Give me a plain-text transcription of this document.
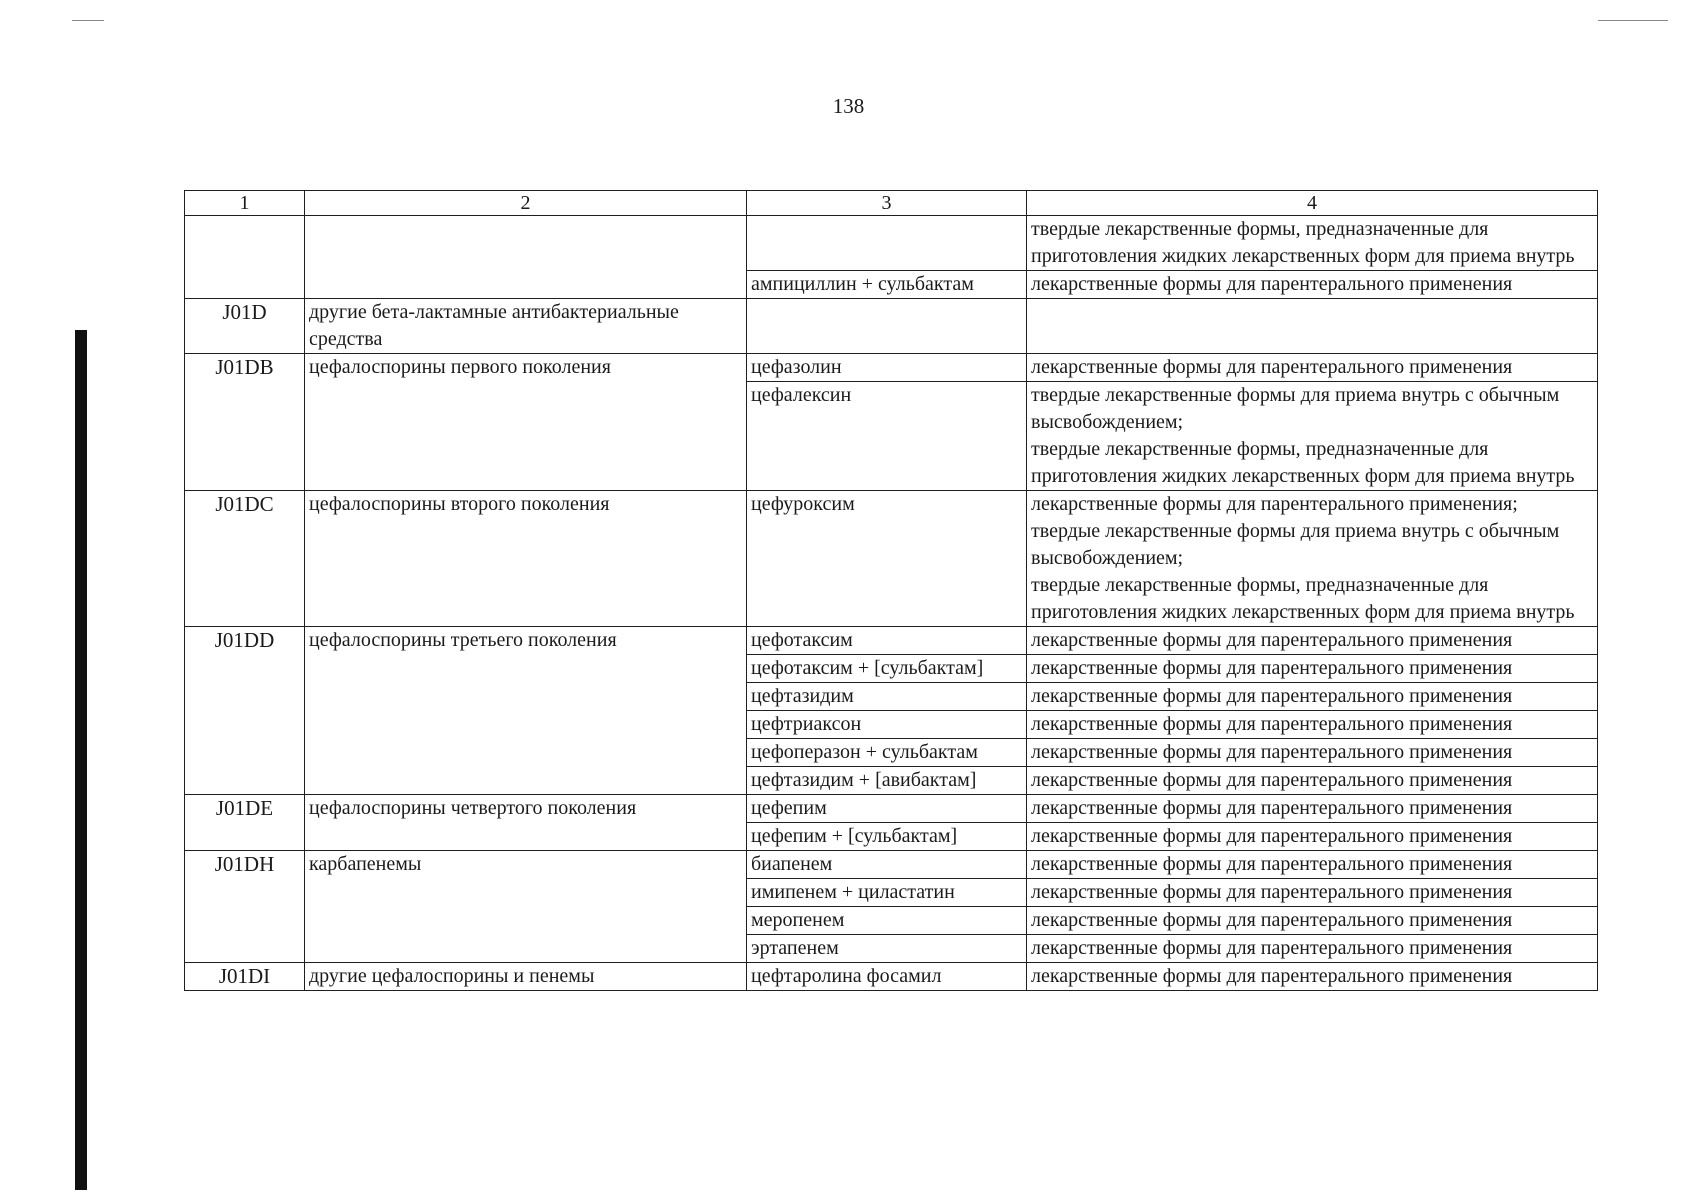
138
1	2	3	4
			твердые лекарственные формы, предназначенные для приготовления жидких лекарственных форм для приема внутрь
		ампициллин + сульбактам	лекарственные формы для парентерального применения
J01D	другие бета-лактамные антибактериальные средства		
J01DB	цефалоспорины первого поколения	цефазолин	лекарственные формы для парентерального применения
		цефалексин	твердые лекарственные формы для приема внутрь с обычным высвобождением;
твердые лекарственные формы, предназначенные для приготовления жидких лекарственных форм для приема внутрь
J01DC	цефалоспорины второго поколения	цефуроксим	лекарственные формы для парентерального применения;
твердые лекарственные формы для приема внутрь с обычным высвобождением;
твердые лекарственные формы, предназначенные для приготовления жидких лекарственных форм для приема внутрь
J01DD	цефалоспорины третьего поколения	цефотаксим	лекарственные формы для парентерального применения
		цефотаксим + [сульбактам]	лекарственные формы для парентерального применения
		цефтазидим	лекарственные формы для парентерального применения
		цефтриаксон	лекарственные формы для парентерального применения
		цефоперазон + сульбактам	лекарственные формы для парентерального применения
		цефтазидим + [авибактам]	лекарственные формы для парентерального применения
J01DE	цефалоспорины четвертого поколения	цефепим	лекарственные формы для парентерального применения
		цефепим + [сульбактам]	лекарственные формы для парентерального применения
J01DH	карбапенемы	биапенем	лекарственные формы для парентерального применения
		имипенем + циластатин	лекарственные формы для парентерального применения
		меропенем	лекарственные формы для парентерального применения
		эртапенем	лекарственные формы для парентерального применения
J01DI	другие цефалоспорины и пенемы	цефтаролина фосамил	лекарственные формы для парентерального применения
